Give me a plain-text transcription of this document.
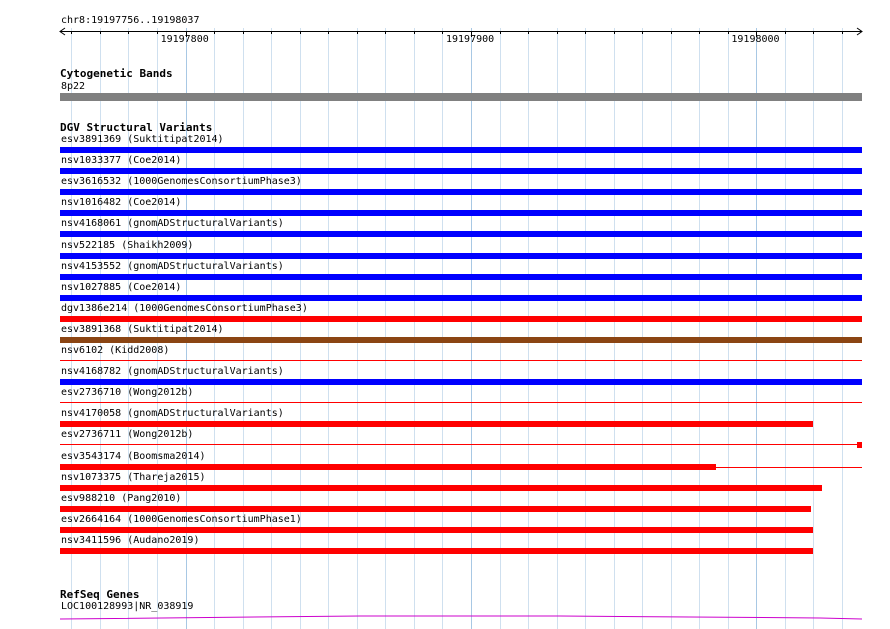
chr8:19197756..19198037
19197800	19197900	19198000
Cytogenetic Bands
8p22
DGV Structural Variants
esv3891369 (Suktitipat2014)
nsv1033377 (Coe2014)
esv3616532 (1000GenomesConsortiumPhase3)
nsv1016482 (Coe2014)
nsv4168061 (gnomADStructuralVariants)
nsv522185 (Shaikh2009)
nsv4153552 (gnomADStructuralVariants)
nsv1027885 (Coe2014)
dgv1386e214 (1000GenomesConsortiumPhase3)
esv3891368 (Suktitipat2014)
nsv6102 (Kidd2008)
nsv4168782 (gnomADStructuralVariants)
esv2736710 (Wong2012b)
nsv4170058 (gnomADStructuralVariants)
esv2736711 (Wong2012b)
esv3543174 (Boomsma2014)
nsv1073375 (Thareja2015)
esv988210 (Pang2010)
esv2664164 (1000GenomesConsortiumPhase1)
nsv3411596 (Audano2019)
RefSeq Genes
LOC100128993|NR_038919
